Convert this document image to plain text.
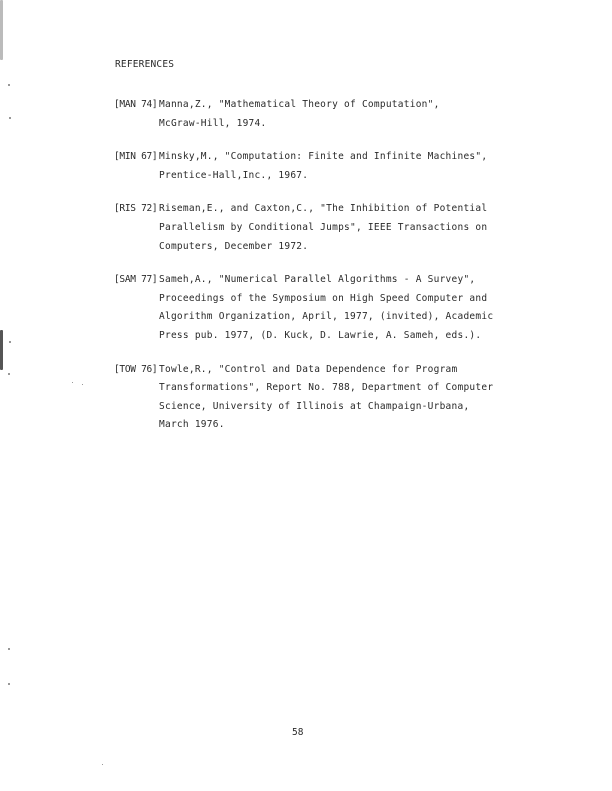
REFERENCES
[MAN 74] Manna,Z., "Mathematical Theory of Computation",
McGraw-Hill, 1974.
[MIN 67] Minsky,M., "Computation: Finite and Infinite Machines",
Prentice-Hall,Inc., 1967.
[RIS 72] Riseman,E., and Caxton,C., "The Inhibition of Potential
Parallelism by Conditional Jumps", IEEE Transactions on
Computers, December 1972.
[SAM 77] Sameh,A., "Numerical Parallel Algorithms - A Survey",
Proceedings of the Symposium on High Speed Computer and
Algorithm Organization, April, 1977, (invited), Academic
Press pub. 1977, (D. Kuck, D. Lawrie, A. Sameh, eds.).
[TOW 76] Towle,R., "Control and Data Dependence for Program
Transformations", Report No. 788, Department of Computer
Science, University of Illinois at Champaign-Urbana,
March 1976.
58
